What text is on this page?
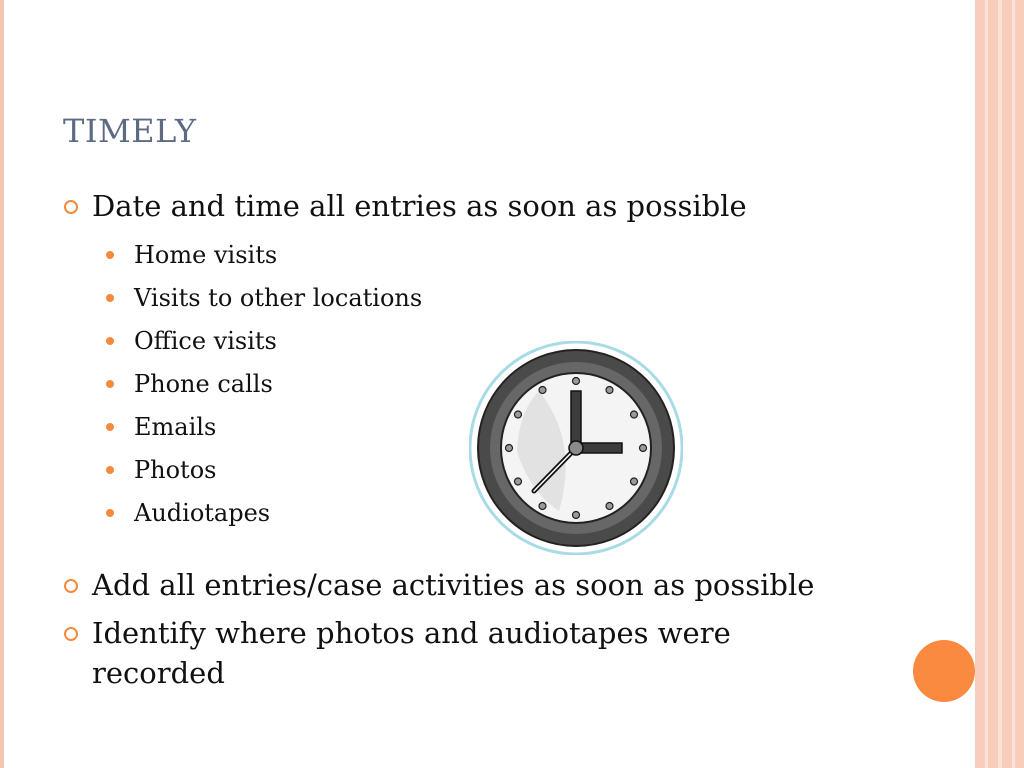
TIMELY
Date and time all entries as soon as possible
Home visits
Visits to other locations
Office visits
Phone calls
Emails
Photos
Audiotapes
Add all entries/case activities as soon as possible
Identify where photos and audiotapes were recorded
